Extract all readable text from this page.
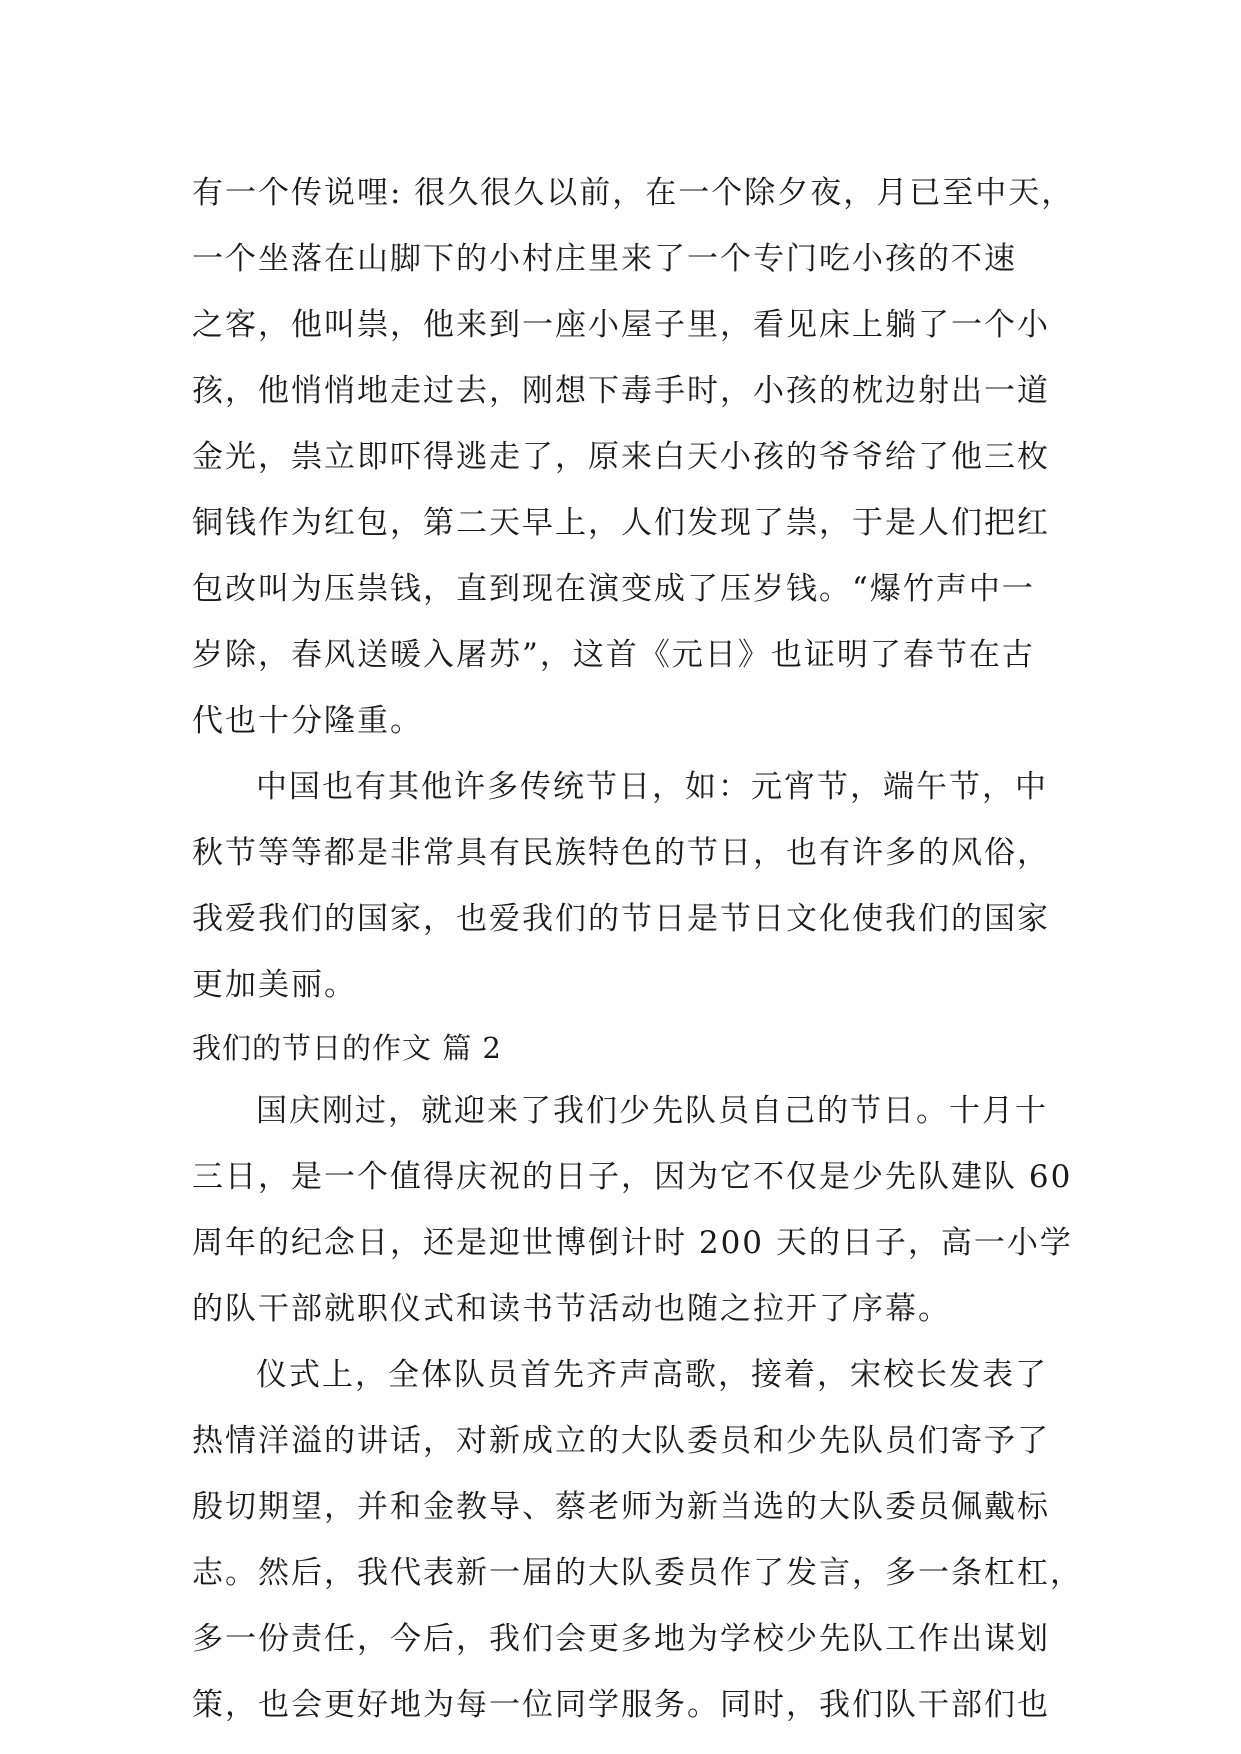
有一个传说哩: 很久很久以前，在一个除夕夜，月已至中天，
一个坐落在山脚下的小村庄里来了一个专门吃小孩的不速
之客，他叫祟，他来到一座小屋子里，看见床上躺了一个小
孩，他悄悄地走过去，刚想下毒手时，小孩的枕边射出一道
金光，祟立即吓得逃走了，原来白天小孩的爷爷给了他三枚
铜钱作为红包，第二天早上，人们发现了祟，于是人们把红
包改叫为压祟钱，直到现在演变成了压岁钱。“爆竹声中一
岁除，春风送暖入屠苏”，这首《元日》也证明了春节在古
代也十分隆重。
中国也有其他许多传统节日，如：元宵节，端午节，中
秋节等等都是非常具有民族特色的节日，也有许多的风俗，
我爱我们的国家，也爱我们的节日是节日文化使我们的国家
更加美丽。
我们的节日的作文 篇 2
国庆刚过，就迎来了我们少先队员自己的节日。十月十
三日，是一个值得庆祝的日子，因为它不仅是少先队建队 60
周年的纪念日，还是迎世博倒计时 200 天的日子，高一小学
的队干部就职仪式和读书节活动也随之拉开了序幕。
仪式上，全体队员首先齐声高歌，接着，宋校长发表了
热情洋溢的讲话，对新成立的大队委员和少先队员们寄予了
殷切期望，并和金教导、蔡老师为新当选的大队委员佩戴标
志。然后，我代表新一届的大队委员作了发言，多一条杠杠，
多一份责任，今后，我们会更多地为学校少先队工作出谋划
策，也会更好地为每一位同学服务。同时，我们队干部们也
